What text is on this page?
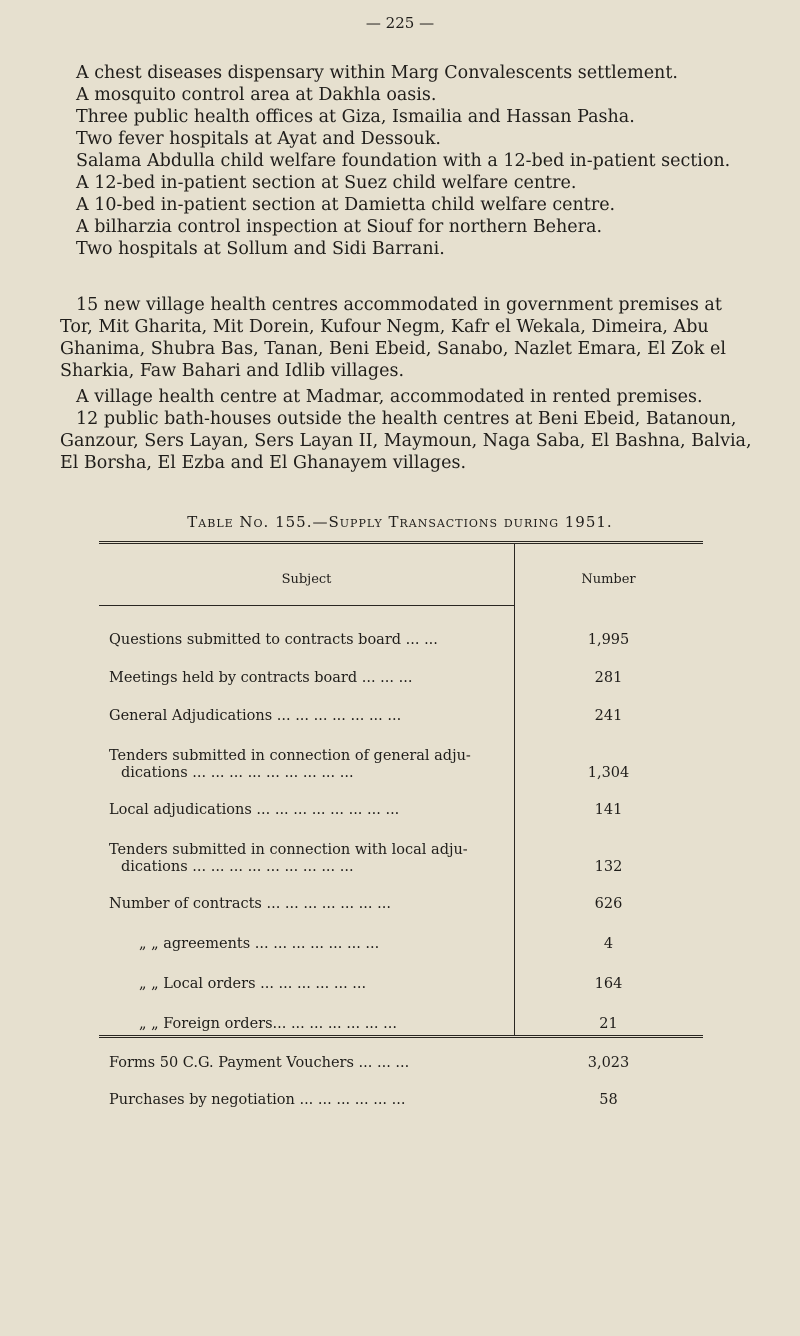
— 225 —
A chest diseases dispensary within Marg Convalescents settlement.
A mosquito control area at Dakhla oasis.
Three public health offices at Giza, Ismailia and Hassan Pasha.
Two fever hospitals at Ayat and Dessouk.
Salama Abdulla child welfare foundation with a 12-bed in-patient section.
A 12-bed in-patient section at Suez child welfare centre.
A 10-bed in-patient section at Damietta child welfare centre.
A bilharzia control inspection at Siouf for northern Behera.
Two hospitals at Sollum and Sidi Barrani.

15 new village health centres accommodated in government premises at Tor, Mit Gharita, Mit Dorein, Kufour Negm, Kafr el Wekala, Dimeira, Abu Ghanima, Shubra Bas, Tanan, Beni Ebeid, Sanabo, Nazlet Emara, El Zok el Sharkia, Faw Bahari and Idlib villages.

A village health centre at Madmar, accommodated in rented premises.

12 public bath-houses outside the health centres at Beni Ebeid, Batanoun, Ganzour, Sers Layan, Sers Layan II, Maymoun, Naga Saba, El Bashna, Balvia, El Borsha, El Ezba and El Ghanayem villages.

Table No. 155.—Supply Transactions during 1951.
Subject	Number
Questions submitted to contracts board ... ...	1,995
Meetings held by contracts board ... ... ...	281
General Adjudications ... ... ... ... ... ... ...	241
Tenders submitted in connection of general adju-
dications ... ... ... ... ... ... ... ... ...	1,304
Local adjudications ... ... ... ... ... ... ... ...	141
Tenders submitted in connection with local adju-
dications ... ... ... ... ... ... ... ... ...	132
Number of contracts ... ... ... ... ... ... ...	626
„ „ agreements ... ... ... ... ... ... ...	4
„ „ Local orders ... ... ... ... ... ...	164
„ „ Foreign orders... ... ... ... ... ... ...	21
Forms 50 C.G. Payment Vouchers ... ... ...	3,023
Purchases by negotiation ... ... ... ... ... ...	58
